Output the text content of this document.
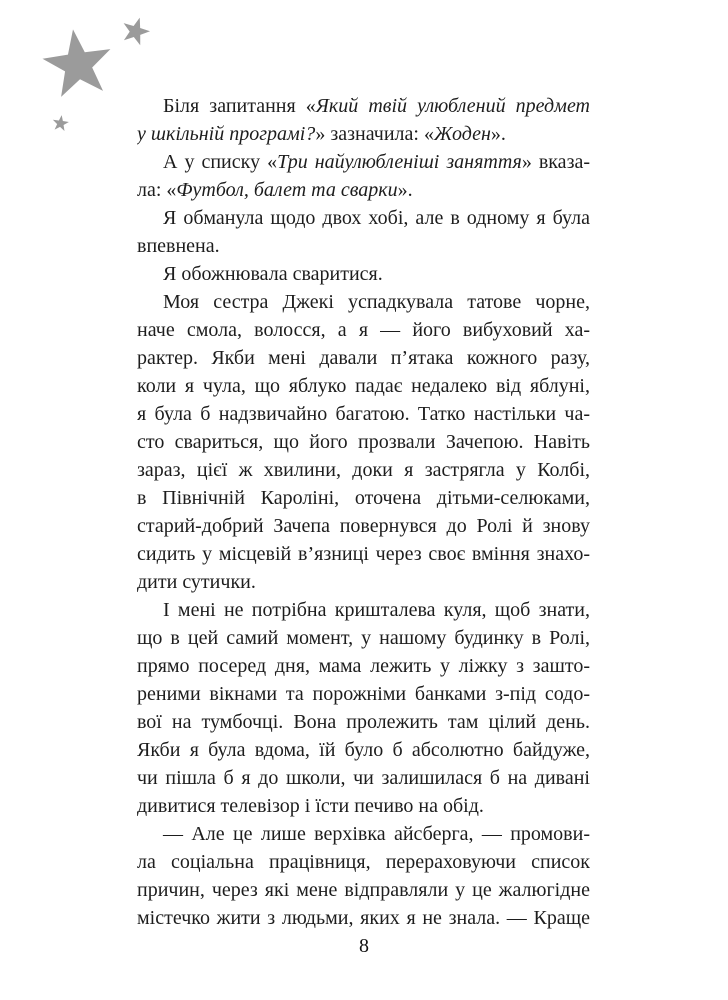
Біля запитання «Який твій улюблений предмет
у шкільній програмі?» зазначила: «Жоден».
А у списку «Три найулюбленіші заняття» вказа-
ла: «Футбол, балет та сварки».
Я обманула щодо двох хобі, але в одному я була
впевнена.
Я обожнювала сваритися.
Моя сестра Джекі успадкувала татове чорне,
наче смола, волосся, а я — його вибуховий ха-
рактер. Якби мені давали п’ятака кожного разу,
коли я чула, що яблуко падає недалеко від яблуні,
я була б надзвичайно багатою. Татко настільки ча-
сто свариться, що його прозвали Зачепою. Навіть
зараз, цієї ж хвилини, доки я застрягла у Колбі,
в Північній Кароліні, оточена дітьми-селюками,
старий-добрий Зачепа повернувся до Ролі й знову
сидить у місцевій в’язниці через своє вміння знахо-
дити сутички.
І мені не потрібна кришталева куля, щоб знати,
що в цей самий момент, у нашому будинку в Ролі,
прямо посеред дня, мама лежить у ліжку з зашто-
реними вікнами та порожніми банками з-під содо-
вої на тумбочці. Вона пролежить там цілий день.
Якби я була вдома, їй було б абсолютно байдуже,
чи пішла б я до школи, чи залишилася б на дивані
дивитися телевізор і їсти печиво на обід.
— Але це лише верхівка айсберга, — промови-
ла соціальна працівниця, перераховуючи список
причин, через які мене відправляли у це жалюгідне
містечко жити з людьми, яких я не знала. — Краще
8
